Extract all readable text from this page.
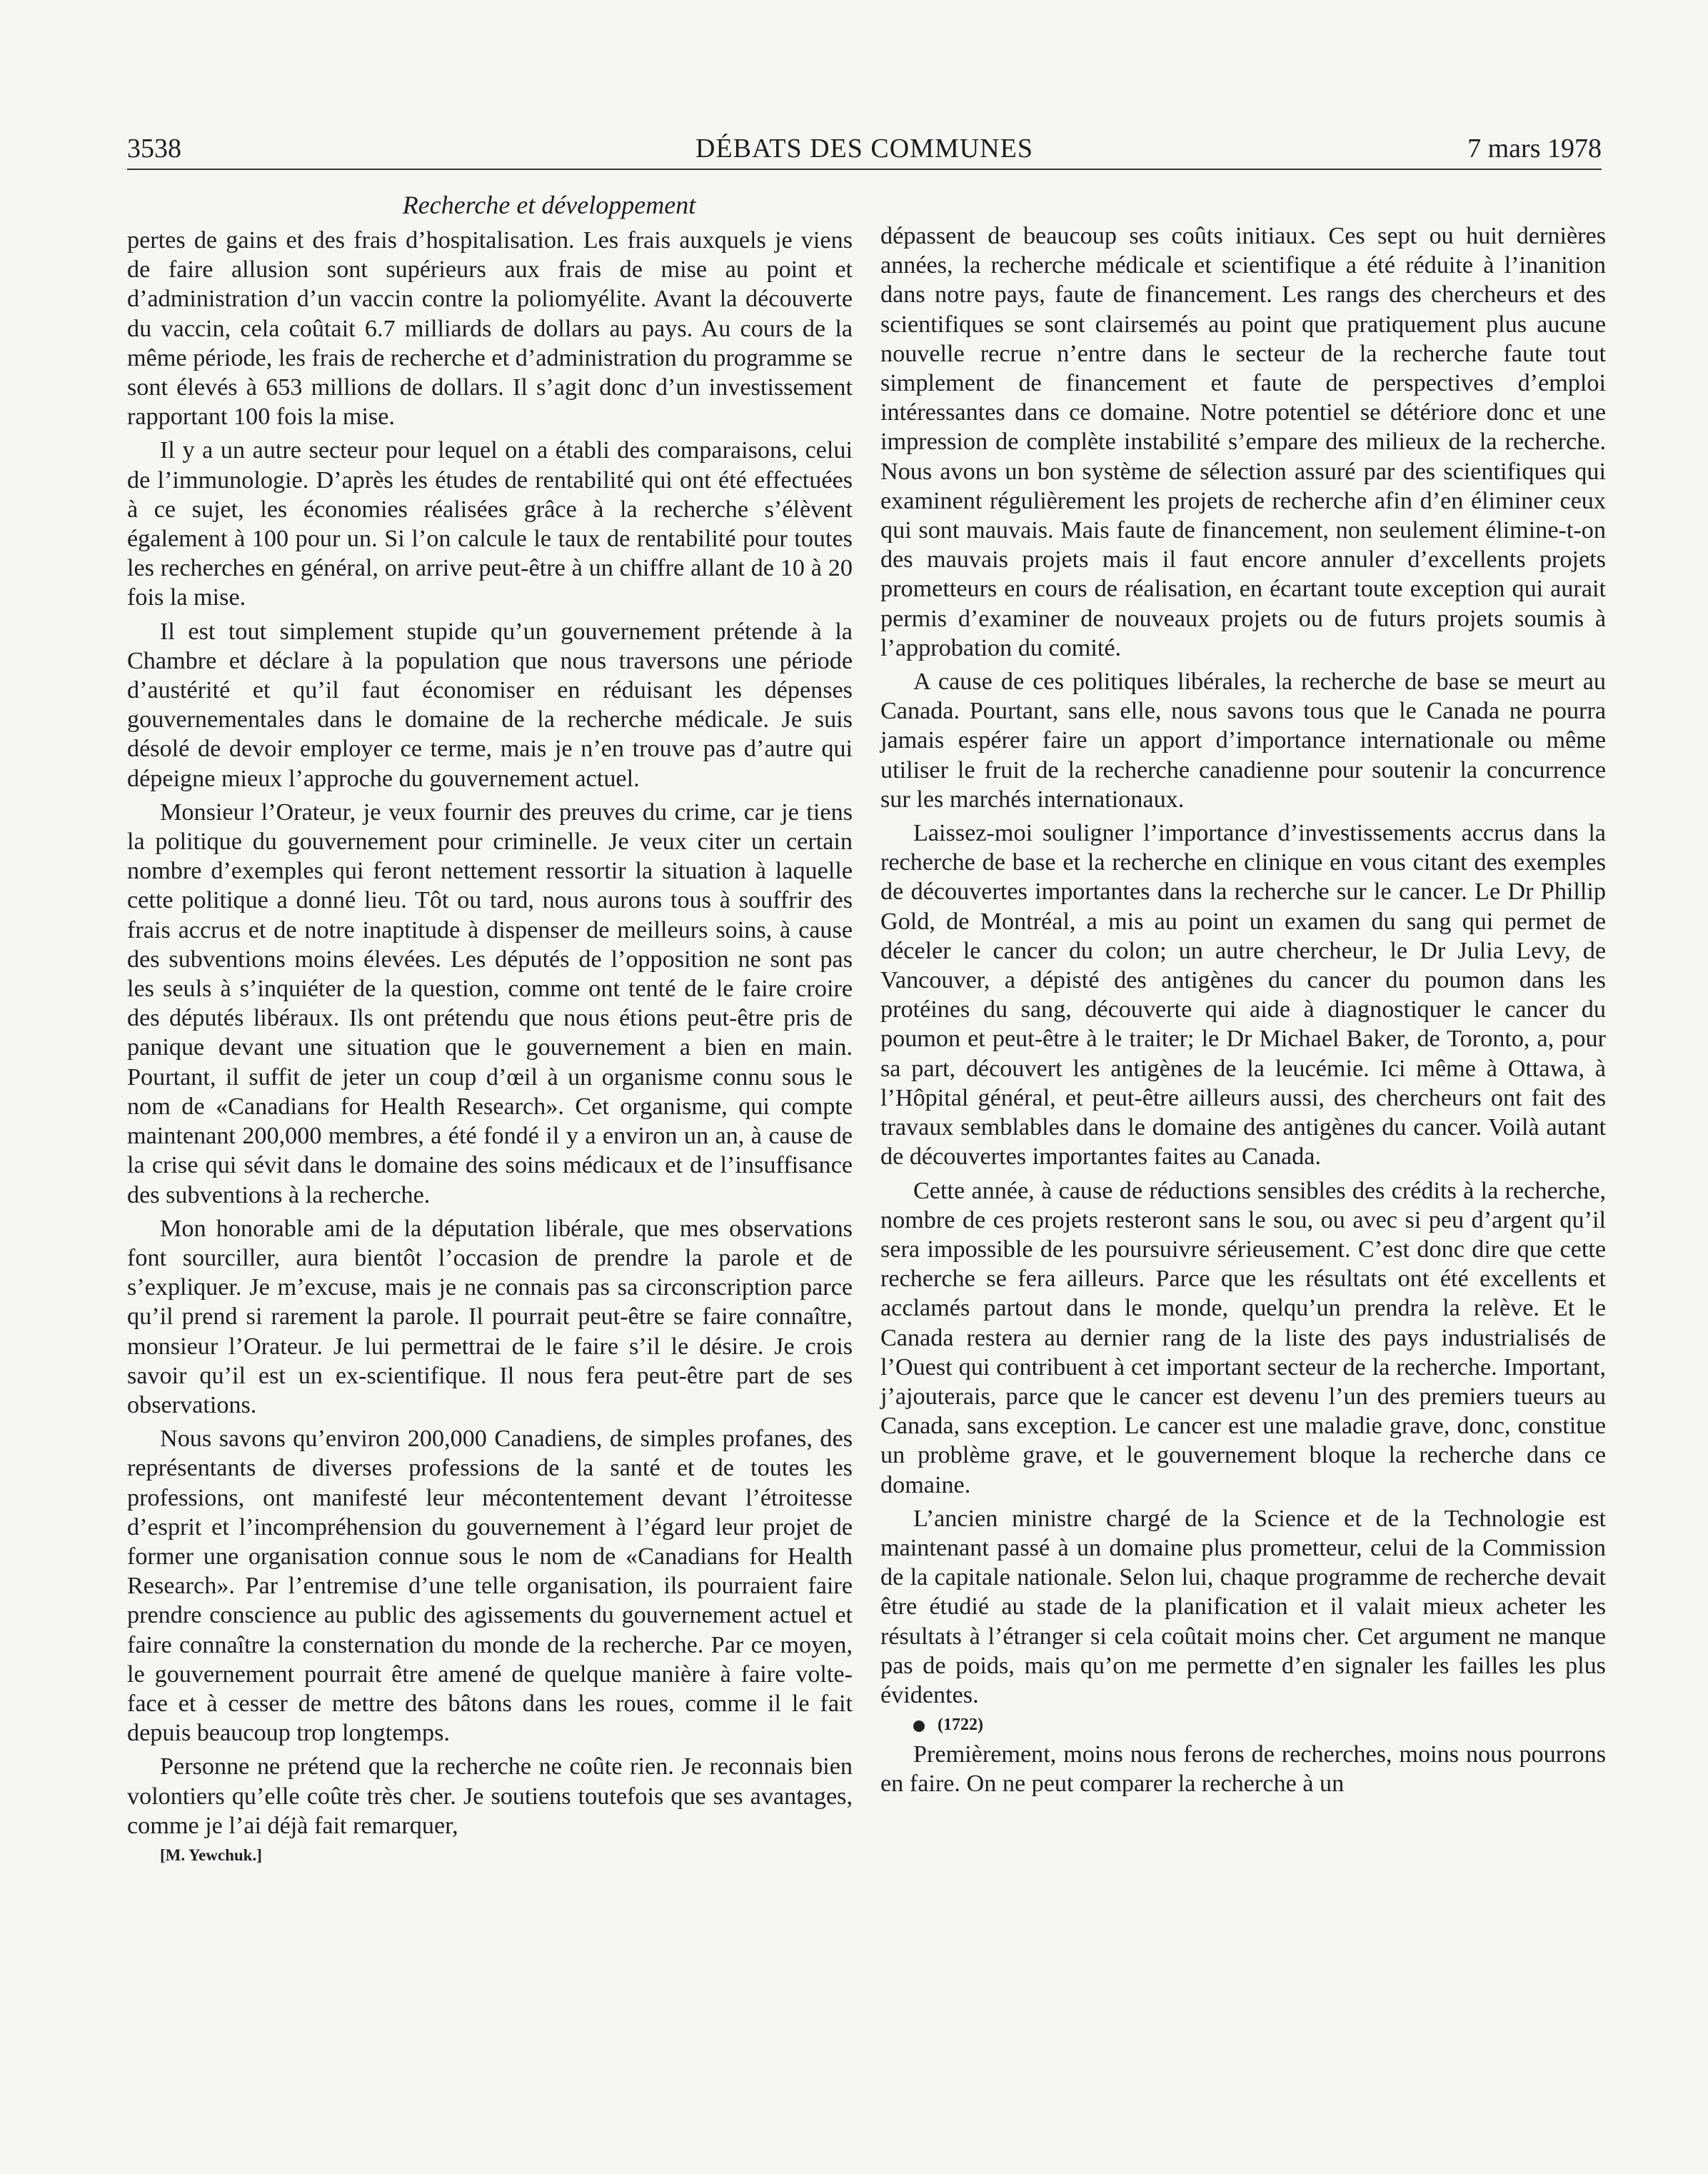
3538	DÉBATS DES COMMUNES	7 mars 1978

Recherche et développement

pertes de gains et des frais d’hospitalisation. Les frais auxquels je viens de faire allusion sont supérieurs aux frais de mise au point et d’administration d’un vaccin contre la poliomyélite. Avant la découverte du vaccin, cela coûtait 6.7 milliards de dollars au pays. Au cours de la même période, les frais de recherche et d’administration du programme se sont élevés à 653 millions de dollars. Il s’agit donc d’un investissement rapportant 100 fois la mise.

Il y a un autre secteur pour lequel on a établi des comparaisons, celui de l’immunologie. D’après les études de rentabilité qui ont été effectuées à ce sujet, les économies réalisées grâce à la recherche s’élèvent également à 100 pour un. Si l’on calcule le taux de rentabilité pour toutes les recherches en général, on arrive peut-être à un chiffre allant de 10 à 20 fois la mise.

Il est tout simplement stupide qu’un gouvernement prétende à la Chambre et déclare à la population que nous traversons une période d’austérité et qu’il faut économiser en réduisant les dépenses gouvernementales dans le domaine de la recherche médicale. Je suis désolé de devoir employer ce terme, mais je n’en trouve pas d’autre qui dépeigne mieux l’approche du gouvernement actuel.

Monsieur l’Orateur, je veux fournir des preuves du crime, car je tiens la politique du gouvernement pour criminelle. Je veux citer un certain nombre d’exemples qui feront nettement ressortir la situation à laquelle cette politique a donné lieu. Tôt ou tard, nous aurons tous à souffrir des frais accrus et de notre inaptitude à dispenser de meilleurs soins, à cause des subventions moins élevées. Les députés de l’opposition ne sont pas les seuls à s’inquiéter de la question, comme ont tenté de le faire croire des députés libéraux. Ils ont prétendu que nous étions peut-être pris de panique devant une situation que le gouvernement a bien en main. Pourtant, il suffit de jeter un coup d’œil à un organisme connu sous le nom de «Canadians for Health Research». Cet organisme, qui compte maintenant 200,000 membres, a été fondé il y a environ un an, à cause de la crise qui sévit dans le domaine des soins médicaux et de l’insuffisance des subventions à la recherche.

Mon honorable ami de la députation libérale, que mes observations font sourciller, aura bientôt l’occasion de prendre la parole et de s’expliquer. Je m’excuse, mais je ne connais pas sa circonscription parce qu’il prend si rarement la parole. Il pourrait peut-être se faire connaître, monsieur l’Orateur. Je lui permettrai de le faire s’il le désire. Je crois savoir qu’il est un ex-scientifique. Il nous fera peut-être part de ses observations.

Nous savons qu’environ 200,000 Canadiens, de simples profanes, des représentants de diverses professions de la santé et de toutes les professions, ont manifesté leur mécontentement devant l’étroitesse d’esprit et l’incompréhension du gouvernement à l’égard leur projet de former une organisation connue sous le nom de «Canadians for Health Research». Par l’entremise d’une telle organisation, ils pourraient faire prendre conscience au public des agissements du gouvernement actuel et faire connaître la consternation du monde de la recherche. Par ce moyen, le gouvernement pourrait être amené de quelque manière à faire volte-face et à cesser de mettre des bâtons dans les roues, comme il le fait depuis beaucoup trop longtemps.

Personne ne prétend que la recherche ne coûte rien. Je reconnais bien volontiers qu’elle coûte très cher. Je soutiens toutefois que ses avantages, comme je l’ai déjà fait remarquer,

[M. Yewchuk.]

dépassent de beaucoup ses coûts initiaux. Ces sept ou huit dernières années, la recherche médicale et scientifique a été réduite à l’inanition dans notre pays, faute de financement. Les rangs des chercheurs et des scientifiques se sont clairsemés au point que pratiquement plus aucune nouvelle recrue n’entre dans le secteur de la recherche faute tout simplement de financement et faute de perspectives d’emploi intéressantes dans ce domaine. Notre potentiel se détériore donc et une impression de complète instabilité s’empare des milieux de la recherche. Nous avons un bon système de sélection assuré par des scientifiques qui examinent régulièrement les projets de recherche afin d’en éliminer ceux qui sont mauvais. Mais faute de financement, non seulement élimine-t-on des mauvais projets mais il faut encore annuler d’excellents projets prometteurs en cours de réalisation, en écartant toute exception qui aurait permis d’examiner de nouveaux projets ou de futurs projets soumis à l’approbation du comité.

A cause de ces politiques libérales, la recherche de base se meurt au Canada. Pourtant, sans elle, nous savons tous que le Canada ne pourra jamais espérer faire un apport d’importance internationale ou même utiliser le fruit de la recherche canadienne pour soutenir la concurrence sur les marchés internationaux.

Laissez-moi souligner l’importance d’investissements accrus dans la recherche de base et la recherche en clinique en vous citant des exemples de découvertes importantes dans la recherche sur le cancer. Le Dr Phillip Gold, de Montréal, a mis au point un examen du sang qui permet de déceler le cancer du colon; un autre chercheur, le Dr Julia Levy, de Vancouver, a dépisté des antigènes du cancer du poumon dans les protéines du sang, découverte qui aide à diagnostiquer le cancer du poumon et peut-être à le traiter; le Dr Michael Baker, de Toronto, a, pour sa part, découvert les antigènes de la leucémie. Ici même à Ottawa, à l’Hôpital général, et peut-être ailleurs aussi, des chercheurs ont fait des travaux semblables dans le domaine des antigènes du cancer. Voilà autant de découvertes importantes faites au Canada.

Cette année, à cause de réductions sensibles des crédits à la recherche, nombre de ces projets resteront sans le sou, ou avec si peu d’argent qu’il sera impossible de les poursuivre sérieusement. C’est donc dire que cette recherche se fera ailleurs. Parce que les résultats ont été excellents et acclamés partout dans le monde, quelqu’un prendra la relève. Et le Canada restera au dernier rang de la liste des pays industrialisés de l’Ouest qui contribuent à cet important secteur de la recherche. Important, j’ajouterais, parce que le cancer est devenu l’un des premiers tueurs au Canada, sans exception. Le cancer est une maladie grave, donc, constitue un problème grave, et le gouvernement bloque la recherche dans ce domaine.

L’ancien ministre chargé de la Science et de la Technologie est maintenant passé à un domaine plus prometteur, celui de la Commission de la capitale nationale. Selon lui, chaque programme de recherche devait être étudié au stade de la planification et il valait mieux acheter les résultats à l’étranger si cela coûtait moins cher. Cet argument ne manque pas de poids, mais qu’on me permette d’en signaler les failles les plus évidentes.

(1722)

Premièrement, moins nous ferons de recherches, moins nous pourrons en faire. On ne peut comparer la recherche à un
